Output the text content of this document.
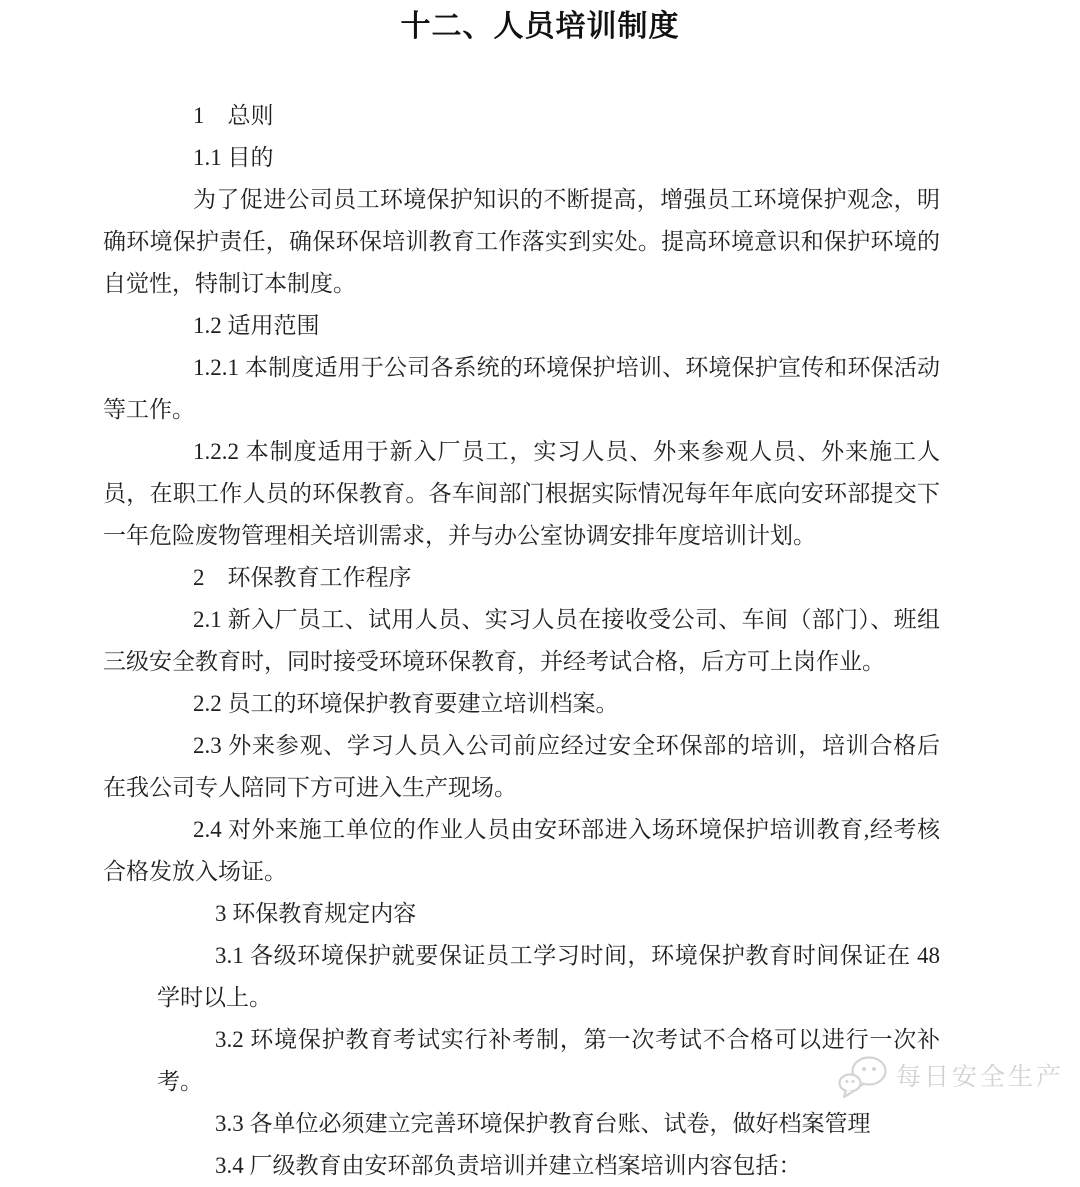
十二、人员培训制度

1　总则

1.1 目的

为了促进公司员工环境保护知识的不断提高，增强员工环境保护观念，明确环境保护责任，确保环保培训教育工作落实到实处。提高环境意识和保护环境的自觉性，特制订本制度。

1.2 适用范围

1.2.1 本制度适用于公司各系统的环境保护培训、环境保护宣传和环保活动等工作。

1.2.2 本制度适用于新入厂员工，实习人员、外来参观人员、外来施工人员，在职工作人员的环保教育。各车间部门根据实际情况每年年底向安环部提交下一年危险废物管理相关培训需求，并与办公室协调安排年度培训计划。

2　环保教育工作程序

2.1 新入厂员工、试用人员、实习人员在接收受公司、车间（部门）、班组三级安全教育时，同时接受环境环保教育，并经考试合格，后方可上岗作业。

2.2 员工的环境保护教育要建立培训档案。

2.3 外来参观、学习人员入公司前应经过安全环保部的培训，培训合格后在我公司专人陪同下方可进入生产现场。

2.4 对外来施工单位的作业人员由安环部进入场环境保护培训教育,经考核合格发放入场证。

3 环保教育规定内容

3.1 各级环境保护就要保证员工学习时间，环境保护教育时间保证在 48 学时以上。

3.2 环境保护教育考试实行补考制，第一次考试不合格可以进行一次补考。

3.3 各单位必须建立完善环境保护教育台账、试卷，做好档案管理

3.4 厂级教育由安环部负责培训并建立档案培训内容包括：

每日安全生产
